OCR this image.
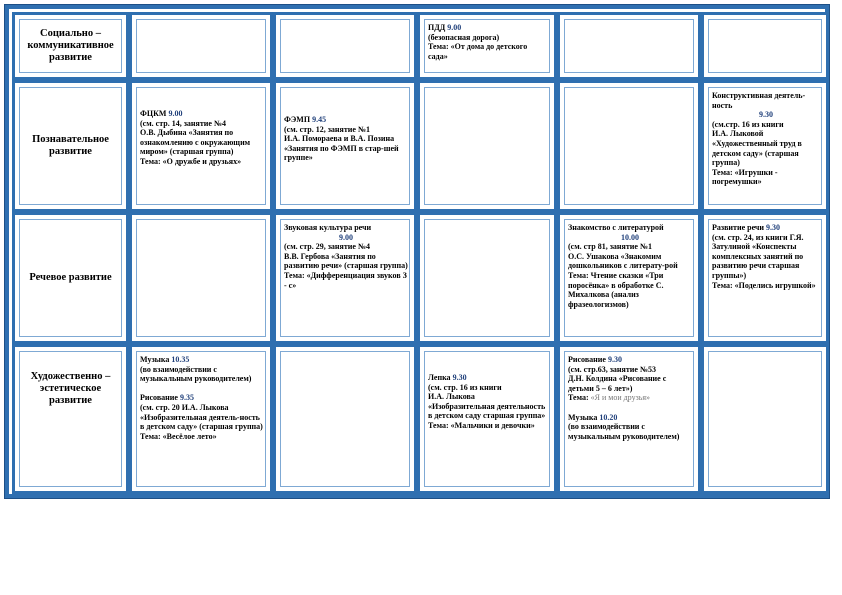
Социально – коммуникативное развитие
ПДД 9.00
(безопасная дорога)
Тема: «От дома до детского сада»
Познавательное развитие
ФЦКМ 9.00
(см. стр. 14, занятие №4
О.В. Дыбина «Занятия по ознакомлению с окружающим миром» (старшая группа)
Тема: «О дружбе и друзьях»
ФЭМП 9.45
(см. стр. 12, занятие №1
И.А. Помораева и В.А. Позина «Занятия по ФЭМП в стар-шей группе»
Конструктивная деятель-ность
9.30
(см.стр. 16 из книги
И.А. Лыковой
«Художественный труд в детском саду» (старшая группа)
Тема: «Игрушки - погремушки»
Речевое развитие
Звуковая культура речи
9.00
(см. стр. 29, занятие №4
В.В. Гербова «Занятия по развитию речи» (старшая группа)
Тема: «Дифференциация звуков З - с»
Знакомство с литературой
10.00
(см. стр 81, занятие №1
О.С. Ушакова «Знакомим дошкольников с литерату-рой
Тема: Чтение сказки «Три поросёнка» в обработке С. Михалкова (анализ фразеологизмов)
Развитие речи 9.30
(см. стр. 24, из книги Г.Я. Затулиной «Конспекты комплексных занятий по развитию речи старшая группы»)
Тема: «Поделись игрушкой»
Художественно – эстетическое развитие
Музыка 10.35
(во взаимодействии с музыкальным руководителем)

Рисование 9.35
(см. стр. 20 И.А. Лыкова «Изобразительная деятель-ность в детском саду» (старшая группа)
Тема: «Весёлое лето»
Лепка 9.30
(см. стр. 16 из книги
И.А. Лыкова
«Изобразительная деятельность в детском саду старшая группа»
Тема: «Мальчики и девочки»
Рисование 9.30
(см. стр.63, занятие №53
Д.Н. Колдина «Рисование с детьми 5 – 6 лет»)
Тема: «Я и мои друзья»

Музыка 10.20
(во взаимодействии с музыкальным руководителем)
